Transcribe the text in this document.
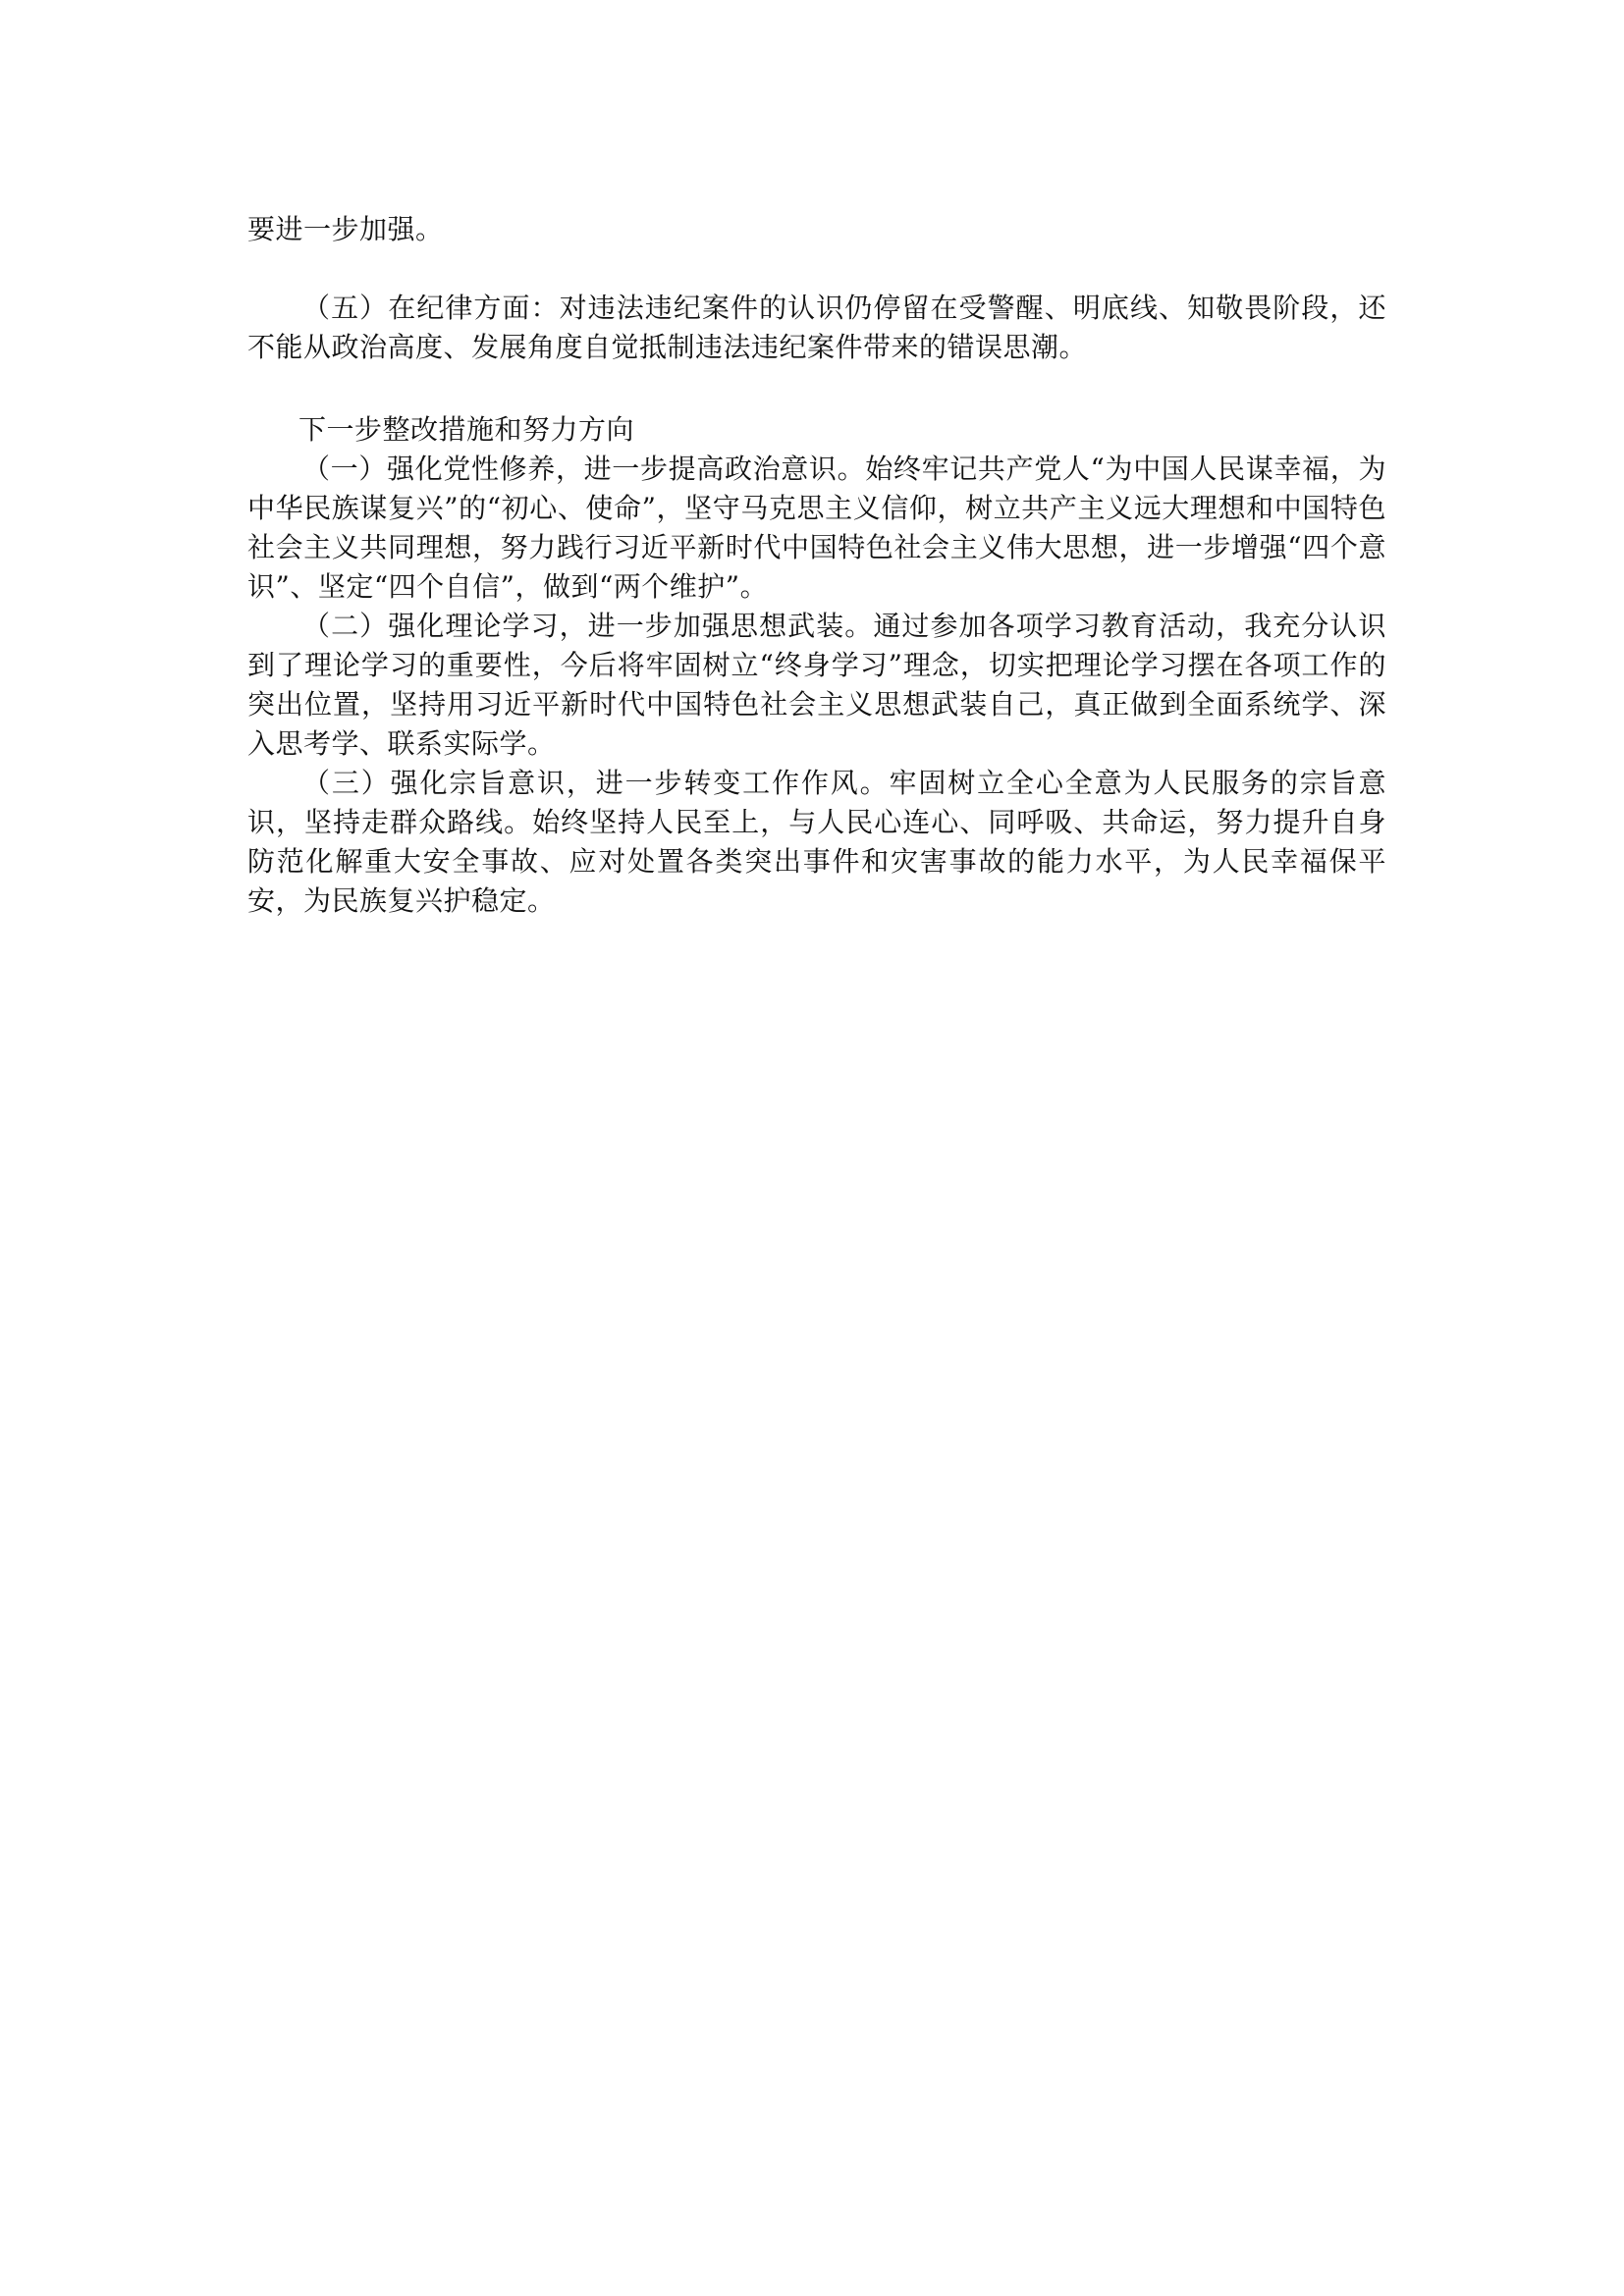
要进一步加强。

（五）在纪律方面：对违法违纪案件的认识仍停留在受警醒、明底线、知敬畏阶段，还不能从政治高度、发展角度自觉抵制违法违纪案件带来的错误思潮。

下一步整改措施和努力方向

（一）强化党性修养，进一步提高政治意识。始终牢记共产党人“为中国人民谋幸福，为中华民族谋复兴”的“初心、使命”，坚守马克思主义信仰，树立共产主义远大理想和中国特色社会主义共同理想，努力践行习近平新时代中国特色社会主义伟大思想，进一步增强“四个意识”、坚定“四个自信”，做到“两个维护”。

（二）强化理论学习，进一步加强思想武装。通过参加各项学习教育活动，我充分认识到了理论学习的重要性，今后将牢固树立“终身学习”理念，切实把理论学习摆在各项工作的突出位置，坚持用习近平新时代中国特色社会主义思想武装自己，真正做到全面系统学、深入思考学、联系实际学。

（三）强化宗旨意识，进一步转变工作作风。牢固树立全心全意为人民服务的宗旨意识，坚持走群众路线。始终坚持人民至上，与人民心连心、同呼吸、共命运，努力提升自身防范化解重大安全事故、应对处置各类突出事件和灾害事故的能力水平，为人民幸福保平安，为民族复兴护稳定。
